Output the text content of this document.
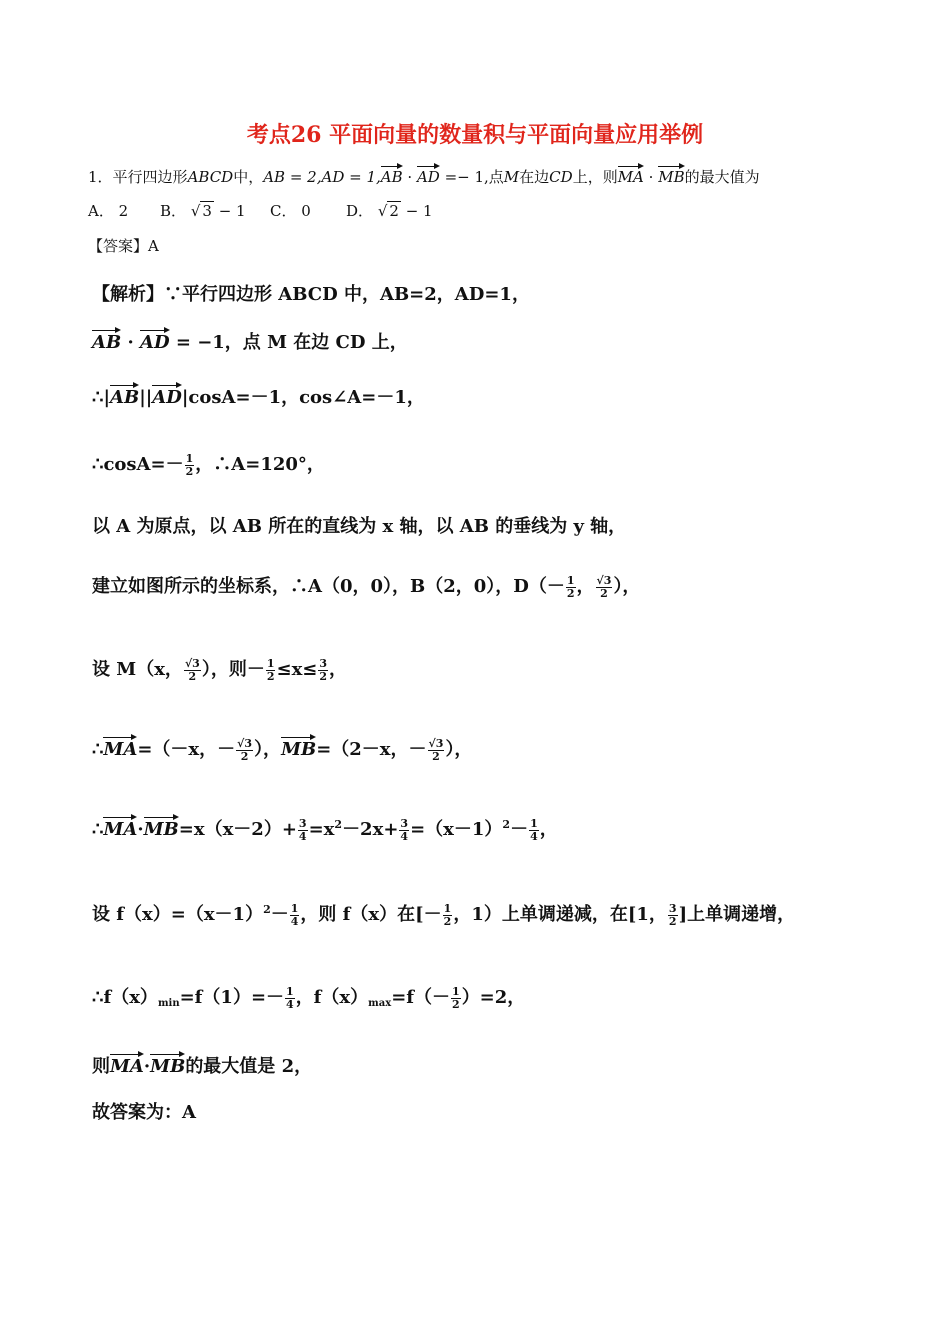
考点26 平面向量的数量积与平面向量应用举例
1．平行四边形ABCD中，AB = 2,AD = 1,AB · AD =− 1,点M在边CD上，则MA · MB的最大值为
A． 2 B． √ 3 − 1 C． 0 D． √ 2 − 1
【答案】A
【解析】∵平行四边形 ABCD 中，AB=2，AD=1，
AB · AD = −1，点 M 在边 CD 上，
∴|AB||AD|cosA=－1，cos∠A=－1，
∴cosA=－ $\frac{1}{2}$ ，∴A=120°，
以 A 为原点，以 AB 所在的直线为 x 轴，以 AB 的垂线为 y 轴，
建立如图所示的坐标系，∴A（0，0），B（2，0），$D(- \frac{1}{2}$ ， $\frac{√3}{2}$ ），
设 M（x， $\frac{√3}{2}$ ），则－ $\frac{1}{2} \le x\le \frac{3}{2}$ ，
∴MA=（－x，－ $\frac{√3}{2}$ ），MB=（2－x，－ $\frac{√3}{2}$ ），
∴MA·MB=x（x－2）+ $\frac{3}{4} =x^2-2x+ \frac{3}{4} =(x-1)^2- \frac{1}{4}$ ，
设 $f(x)=(x-1)^2- \frac{1}{4}$ ，则 f（x）在[－ $\frac{1}{2}$ ，1）上单调递减，在[1， $\frac{3}{2}$ ]上单调递增，
$\therefore f(x)_{min}=f(1)=- \frac{1}{4}$ ，$f(x)_{max}=f(- \frac{1}{2} )=2$，
则MA·MB的最大值是 2，
故答案为：A
